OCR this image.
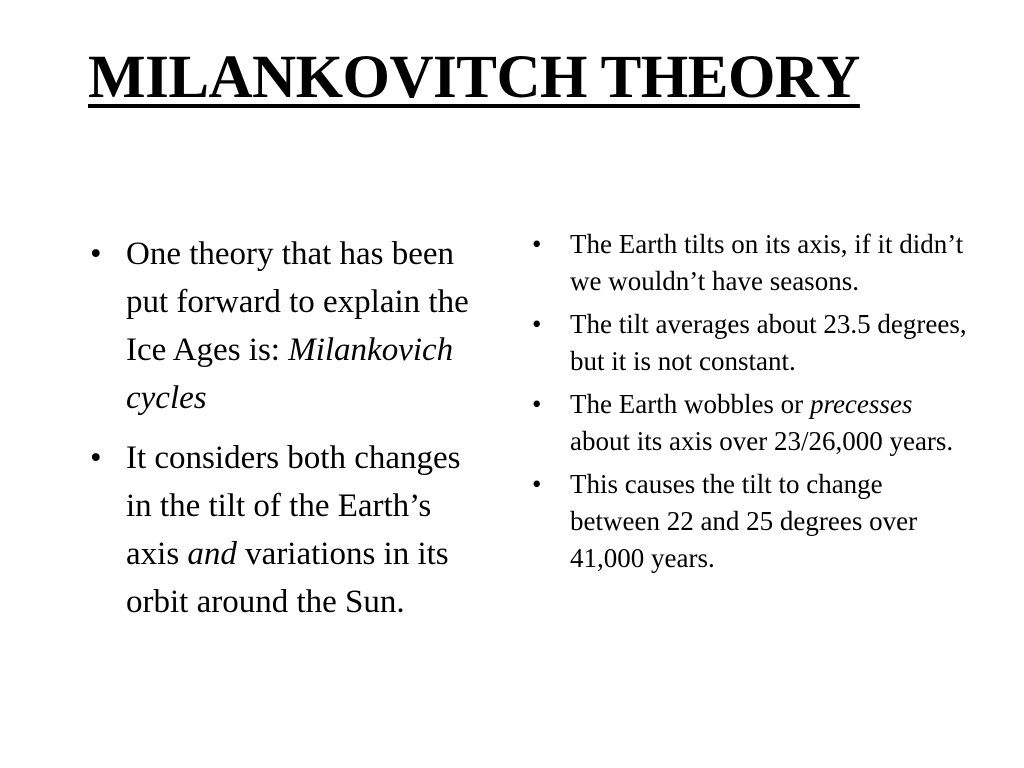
MILANKOVITCH THEORY
• One theory that has been put forward to explain the Ice Ages is: Milankovich cycles
• It considers both changes in the tilt of the Earth’s axis and variations in its orbit around the Sun.
• The Earth tilts on its axis, if it didn’t we wouldn’t have seasons.
• The tilt averages about 23.5 degrees, but it is not constant.
• The Earth wobbles or precesses about its axis over 23/26,000 years.
• This causes the tilt to change between 22 and 25 degrees over 41,000 years.
